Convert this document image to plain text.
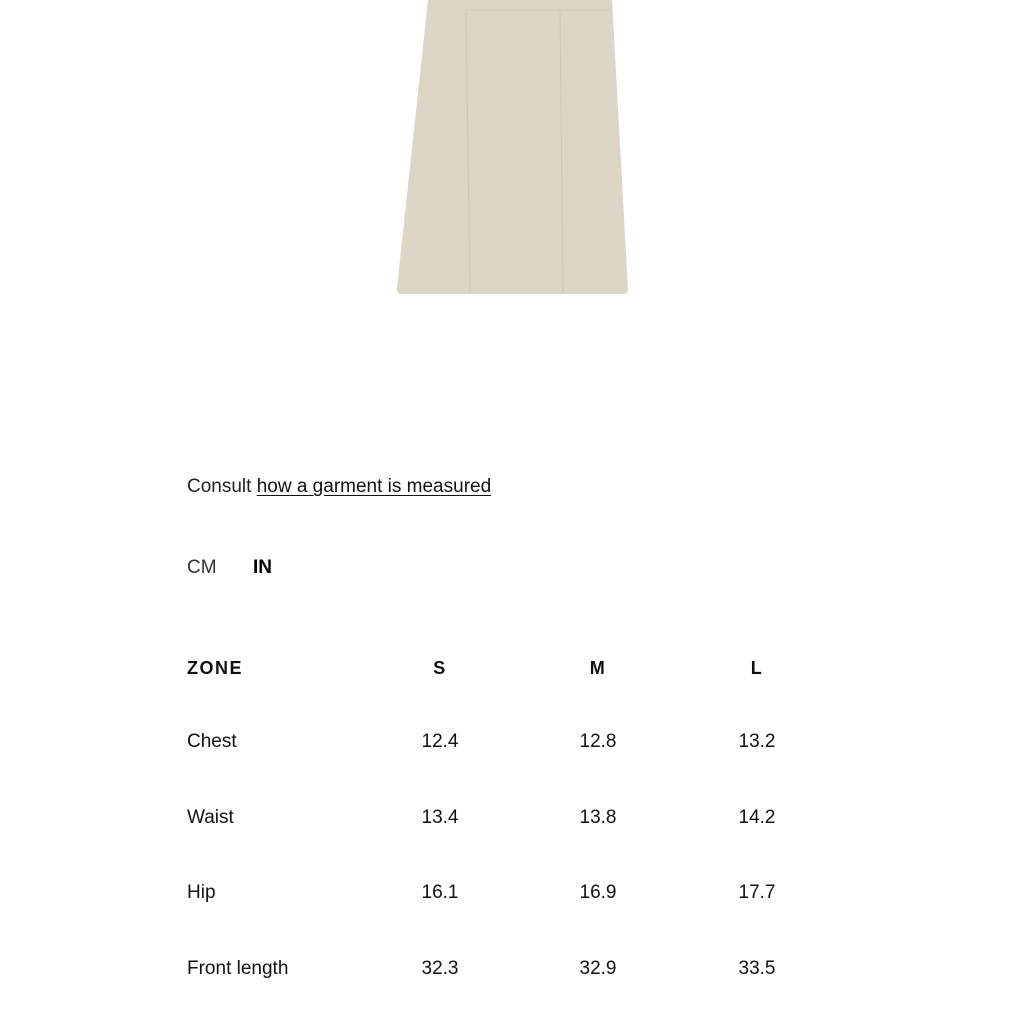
Consult how a garment is measured
CM IN
ZONE	S	M	L
Chest	12.4	12.8	13.2
Waist	13.4	13.8	14.2
Hip	16.1	16.9	17.7
Front length	32.3	32.9	33.5
